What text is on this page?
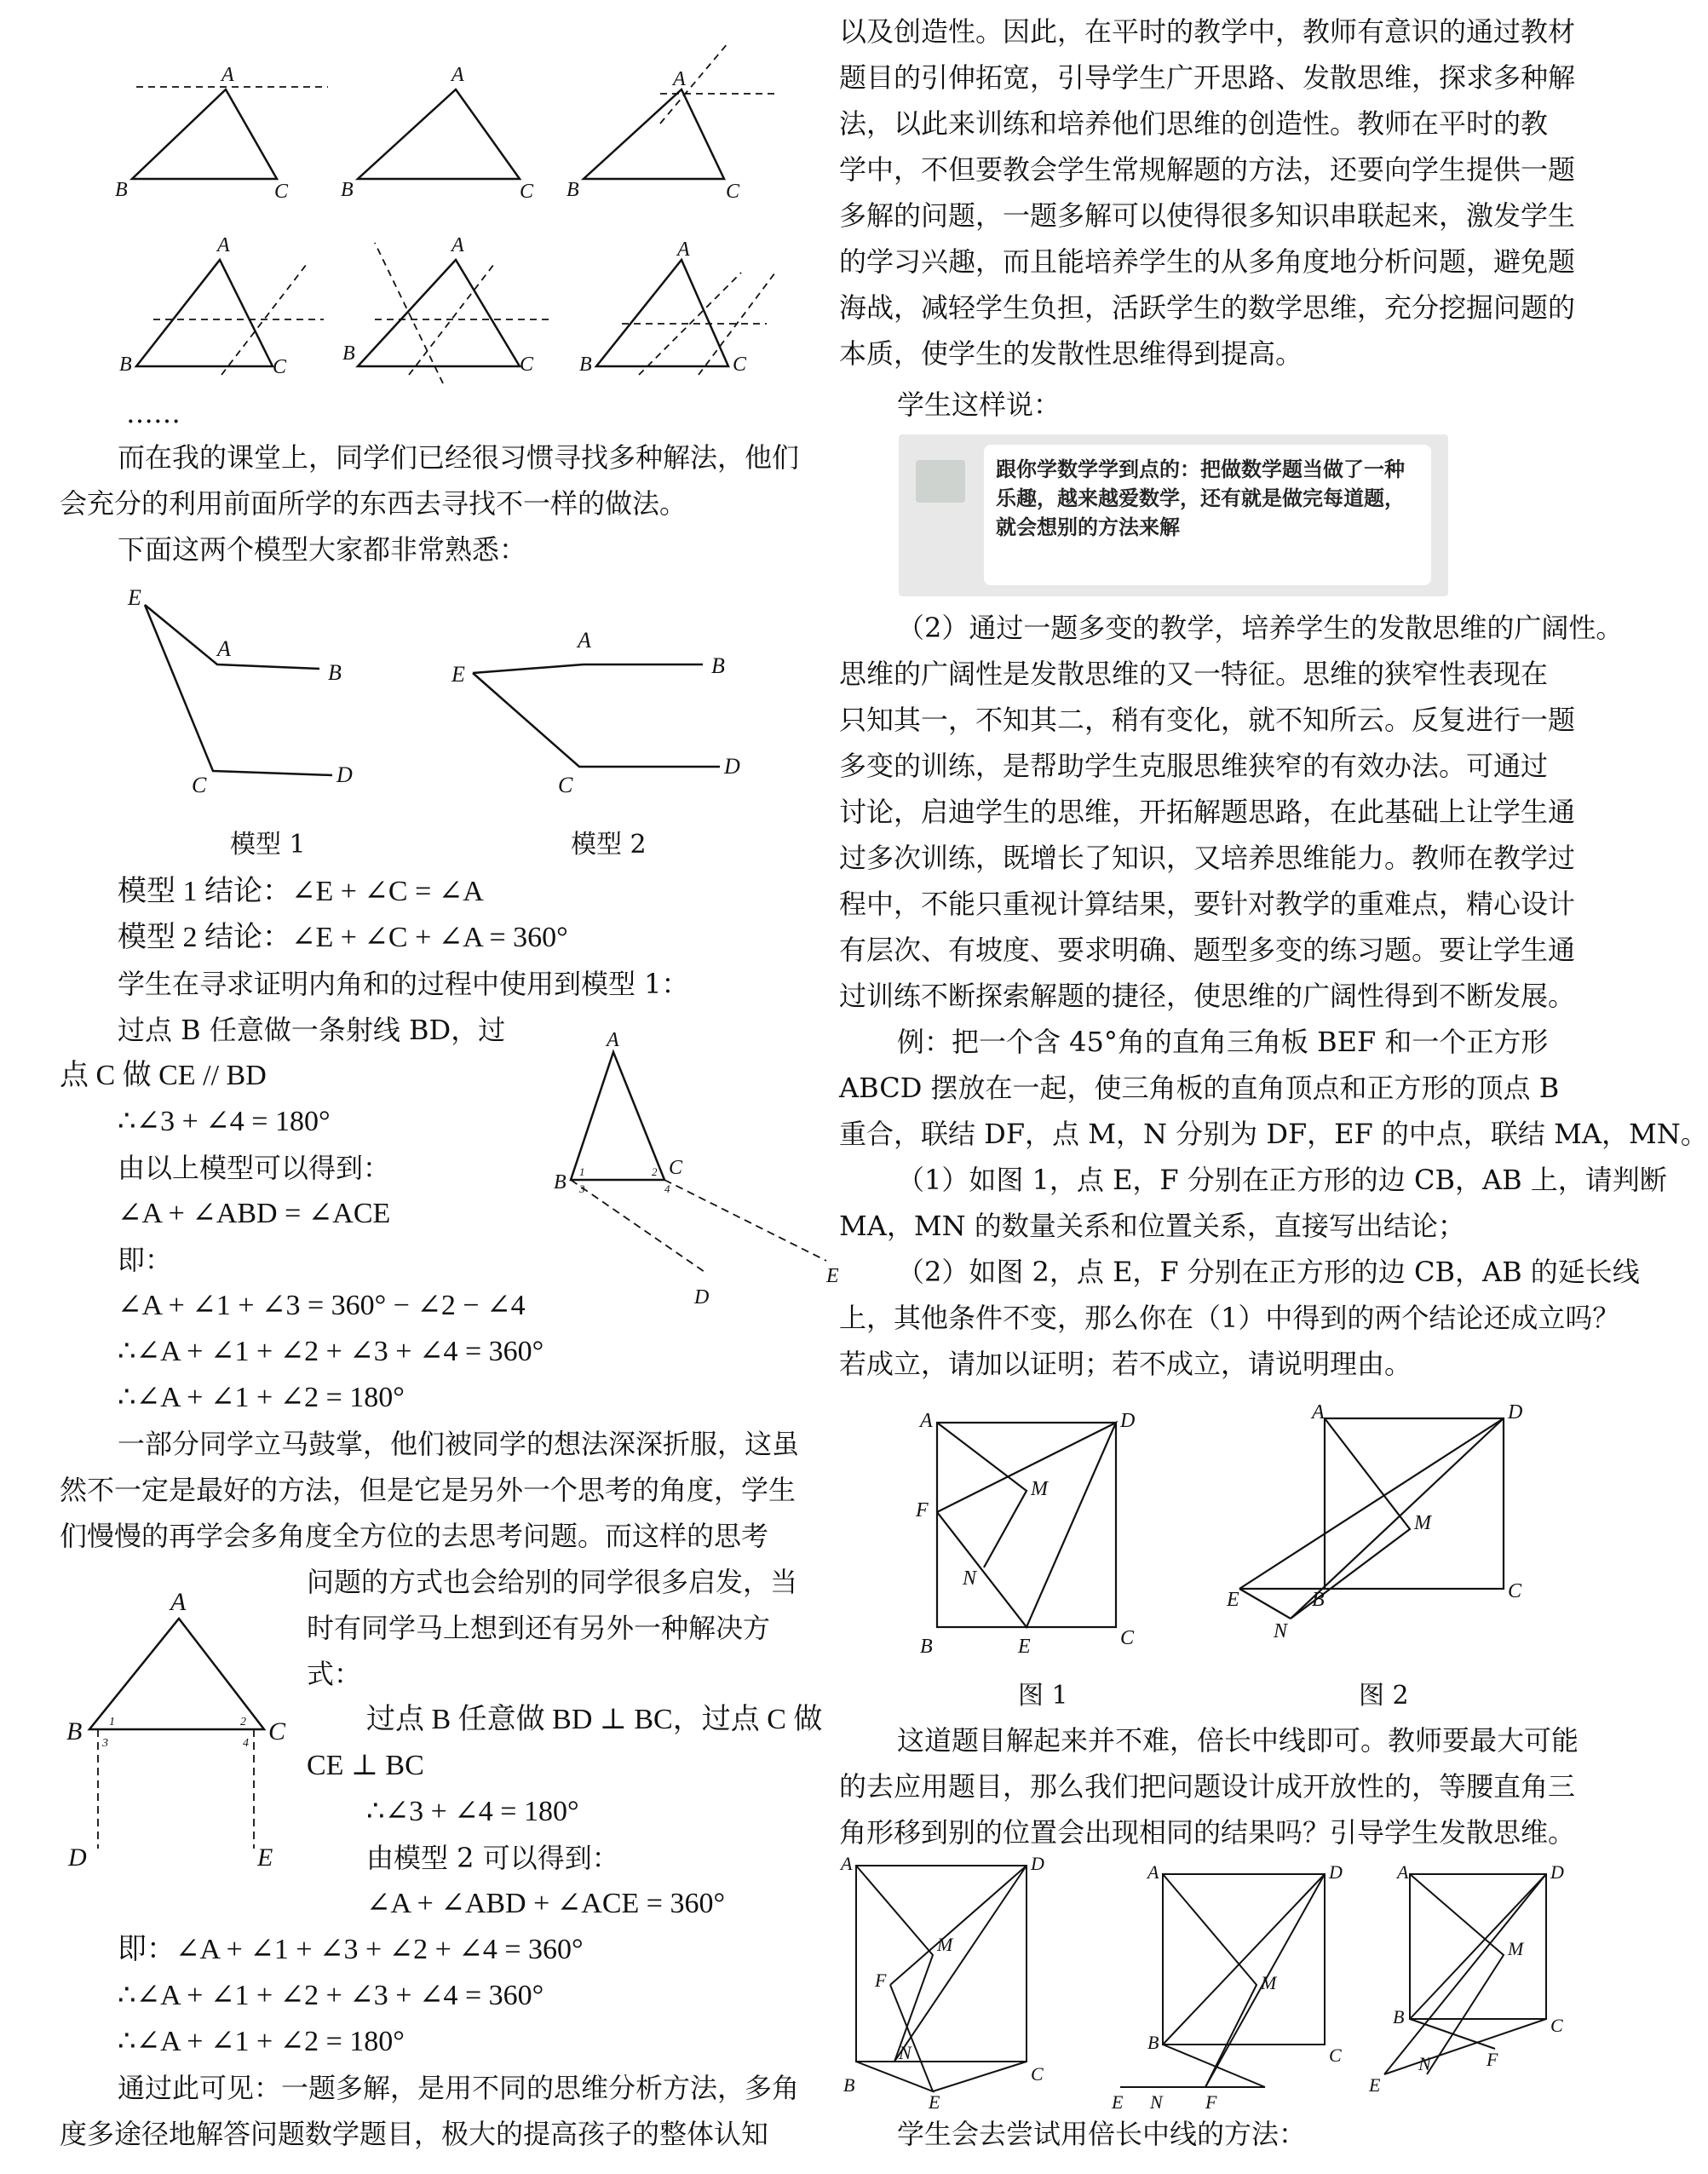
A
B	C
A
B	C
A
B	C
A
B	C
A
B	C
A
B	C
……
而在我的课堂上，同学们已经很习惯寻找多种解法，他们
会充分的利用前面所学的东西去寻找不一样的做法。
下面这两个模型大家都非常熟悉：
E
A
B
C	D
E
A
B
C
D
模型 1	模型 2
模型 1 结论：∠E + ∠C = ∠A
模型 2 结论：∠E + ∠C + ∠A = 360°
学生在寻求证明内角和的过程中使用到模型 1：
过点 B 任意做一条射线 BD，过
点 C 做 CE // BD
∴∠3 + ∠4 = 180°
由以上模型可以得到：
∠A + ∠ABD = ∠ACE
即：
∠A + ∠1 + ∠3 = 360° − ∠2 − ∠4
∴∠A + ∠1 + ∠2 + ∠3 + ∠4 = 360°
∴∠A + ∠1 + ∠2 = 180°
A
B
C
D
E
1	2
3	4
一部分同学立马鼓掌，他们被同学的想法深深折服，这虽
然不一定是最好的方法，但是它是另外一个思考的角度，学生
们慢慢的再学会多角度全方位的去思考问题。而这样的思考
问题的方式也会给别的同学很多启发，当
时有同学马上想到还有另外一种解决方
式：
A
B	C
D	E
1	2
3	4
过点 B 任意做 BD ⊥ BC，过点 C 做
CE ⊥ BC
∴∠3 + ∠4 = 180°
由模型 2 可以得到：
∠A + ∠ABD + ∠ACE = 360°
即：∠A + ∠1 + ∠3 + ∠2 + ∠4 = 360°
∴∠A + ∠1 + ∠2 + ∠3 + ∠4 = 360°
∴∠A + ∠1 + ∠2 = 180°
通过此可见：一题多解，是用不同的思维分析方法，多角
度多途径地解答问题数学题目，极大的提高孩子的整体认知
以及创造性。因此，在平时的教学中，教师有意识的通过教材
题目的引伸拓宽，引导学生广开思路、发散思维，探求多种解
法，以此来训练和培养他们思维的创造性。教师在平时的教
学中，不但要教会学生常规解题的方法，还要向学生提供一题
多解的问题，一题多解可以使得很多知识串联起来，激发学生
的学习兴趣，而且能培养学生的从多角度地分析问题，避免题
海战，减轻学生负担，活跃学生的数学思维，充分挖掘问题的
本质，使学生的发散性思维得到提高。
学生这样说：
跟你学数学学到点的：把做数学题当做了一种乐趣，越来越爱数学，还有就是做完每道题，就会想别的方法来解
（2）通过一题多变的教学，培养学生的发散思维的广阔性。
思维的广阔性是发散思维的又一特征。思维的狭窄性表现在
只知其一，不知其二，稍有变化，就不知所云。反复进行一题
多变的训练，是帮助学生克服思维狭窄的有效办法。可通过
讨论，启迪学生的思维，开拓解题思路，在此基础上让学生通
过多次训练，既增长了知识，又培养思维能力。教师在教学过
程中，不能只重视计算结果，要针对教学的重难点，精心设计
有层次、有坡度、要求明确、题型多变的练习题。要让学生通
过训练不断探索解题的捷径，使思维的广阔性得到不断发展。
例：把一个含 45°角的直角三角板 BEF 和一个正方形
ABCD 摆放在一起，使三角板的直角顶点和正方形的顶点 B
重合，联结 DF，点 M，N 分别为 DF，EF 的中点，联结 MA，MN。
（1）如图 1，点 E，F 分别在正方形的边 CB，AB 上，请判断
MA，MN 的数量关系和位置关系，直接写出结论；
（2）如图 2，点 E，F 分别在正方形的边 CB，AB 的延长线
上，其他条件不变，那么你在（1）中得到的两个结论还成立吗？
若成立，请加以证明；若不成立，请说明理由。
A	D
F
M
N
B	E	C
A	D
M
C
E	B
N
图 1	图 2
这道题目解起来并不难，倍长中线即可。教师要最大可能
的去应用题目，那么我们把问题设计成开放性的，等腰直角三
角形移到别的位置会出现相同的结果吗？引导学生发散思维。
A	D
M
F
N
B
C
E
A	D
M
B
C
E N F
A	D
M
B	C
F
N
E
学生会去尝试用倍长中线的方法：
